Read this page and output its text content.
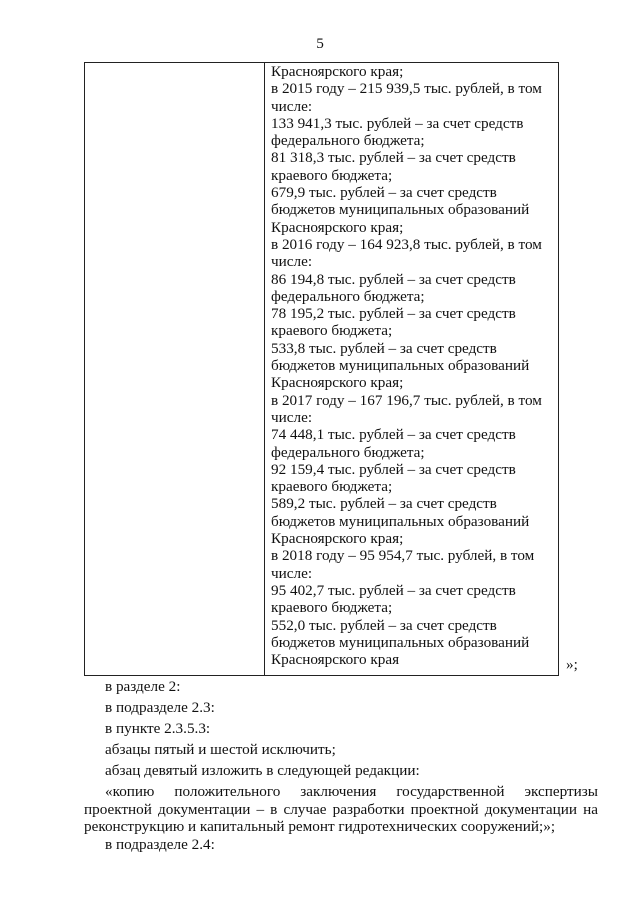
5
Красноярского края;
в 2015 году – 215 939,5 тыс. рублей, в том
числе:
133 941,3 тыс. рублей – за счет средств
федерального бюджета;
81 318,3 тыс. рублей – за счет средств
краевого бюджета;
679,9 тыс. рублей – за счет средств
бюджетов муниципальных образований
Красноярского края;
в 2016 году – 164 923,8 тыс. рублей, в том
числе:
86 194,8 тыс. рублей – за счет средств
федерального бюджета;
78 195,2 тыс. рублей – за счет средств
краевого бюджета;
533,8 тыс. рублей – за счет средств
бюджетов муниципальных образований
Красноярского края;
в 2017 году – 167 196,7 тыс. рублей, в том
числе:
74 448,1 тыс. рублей – за счет средств
федерального бюджета;
92 159,4 тыс. рублей – за счет средств
краевого бюджета;
589,2 тыс. рублей – за счет средств
бюджетов муниципальных образований
Красноярского края;
в 2018 году – 95 954,7 тыс. рублей, в том
числе:
95 402,7 тыс. рублей – за счет средств
краевого бюджета;
552,0 тыс. рублей – за счет средств
бюджетов муниципальных образований
Красноярского края	»;
в разделе 2:
в подразделе 2.3:
в пункте 2.3.5.3:
абзацы пятый и шестой исключить;
абзац девятый изложить в следующей редакции:
«копию положительного заключения государственной экспертизы проектной документации – в случае разработки проектной документации на реконструкцию и капитальный ремонт гидротехнических сооружений;»;
в подразделе 2.4:
